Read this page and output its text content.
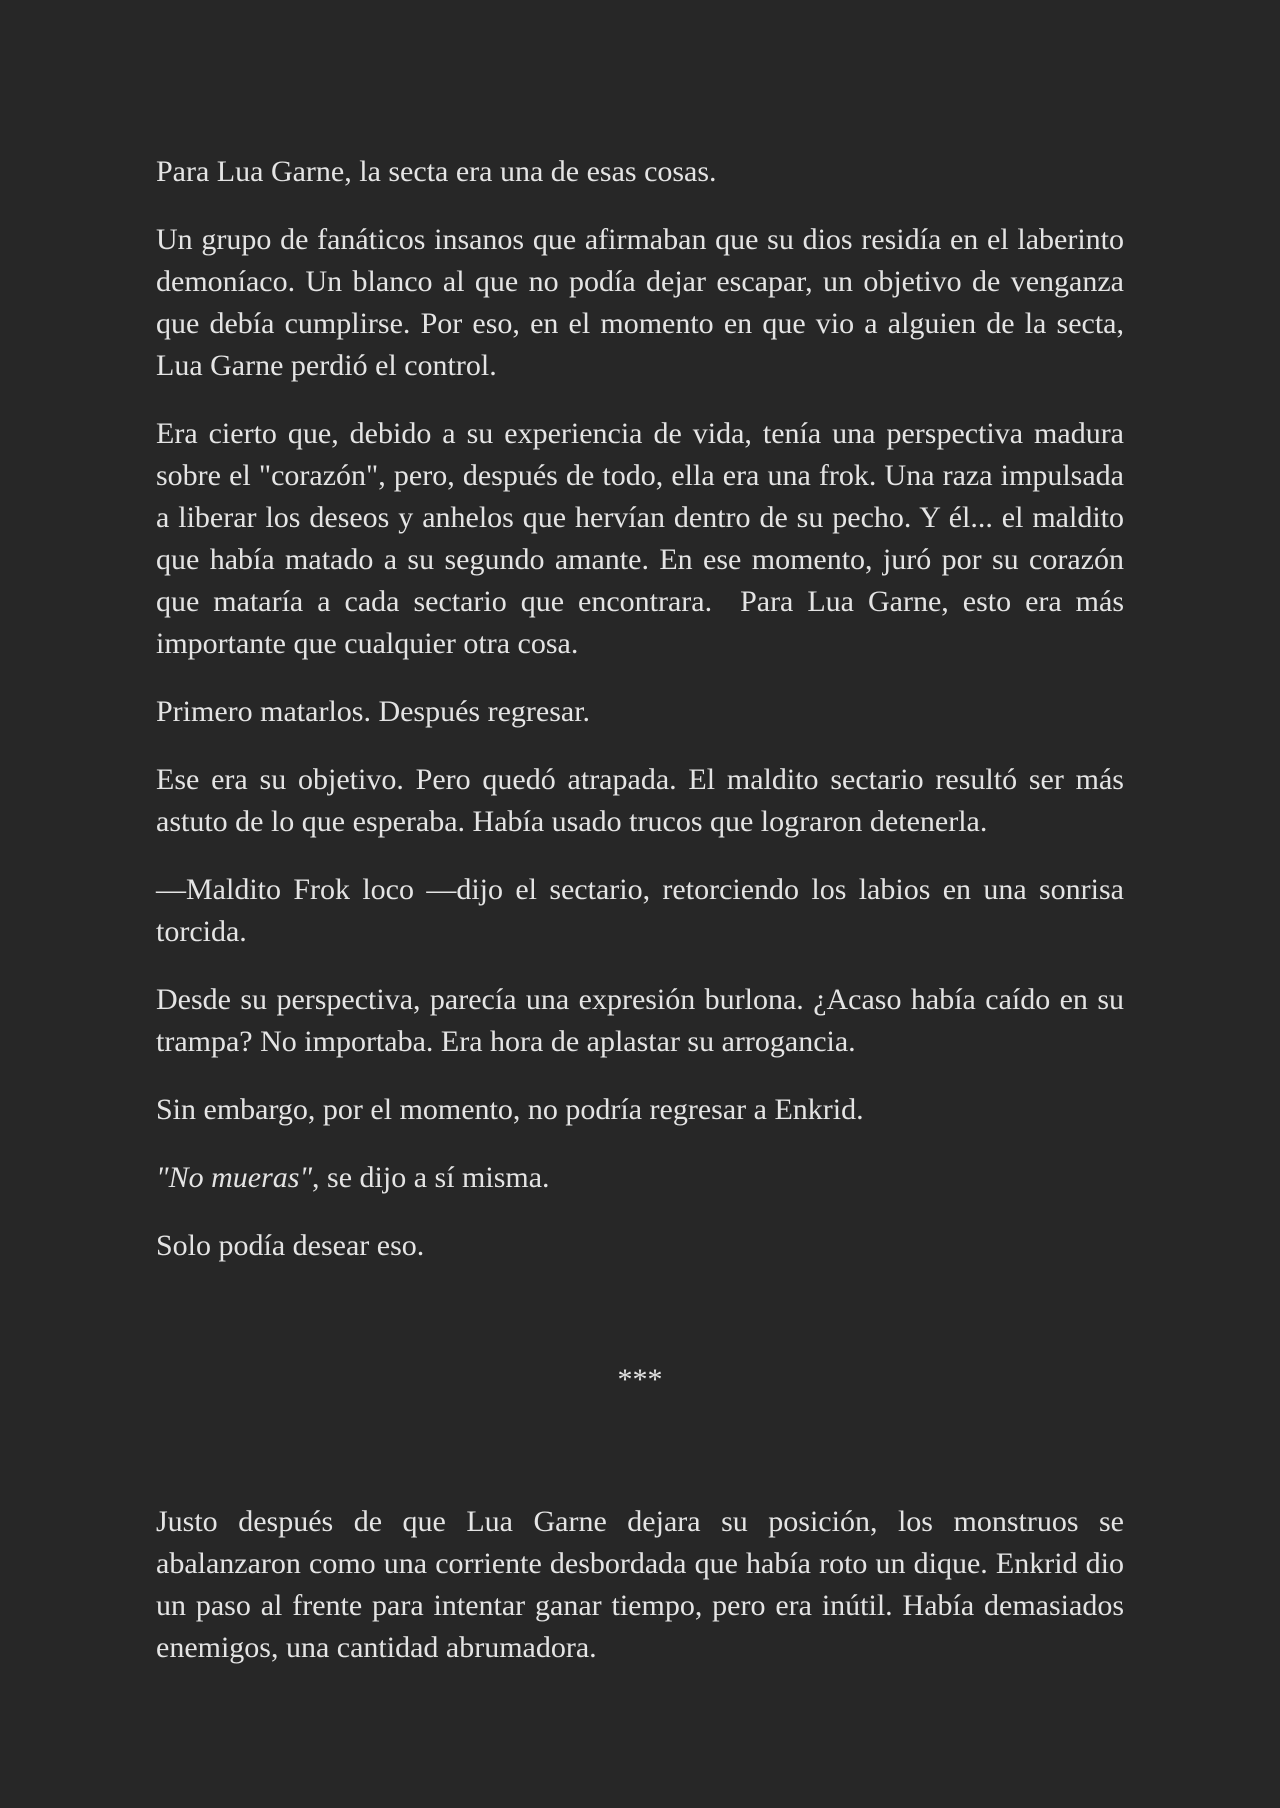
Para Lua Garne, la secta era una de esas cosas.

Un grupo de fanáticos insanos que afirmaban que su dios residía en el laberinto demoníaco. Un blanco al que no podía dejar escapar, un objetivo de venganza que debía cumplirse. Por eso, en el momento en que vio a alguien de la secta, Lua Garne perdió el control.

Era cierto que, debido a su experiencia de vida, tenía una perspectiva madura sobre el "corazón", pero, después de todo, ella era una frok. Una raza impulsada a liberar los deseos y anhelos que hervían dentro de su pecho. Y él... el maldito que había matado a su segundo amante. En ese momento, juró por su corazón que mataría a cada sectario que encontrara.  Para Lua Garne, esto era más importante que cualquier otra cosa.

Primero matarlos. Después regresar.

Ese era su objetivo. Pero quedó atrapada. El maldito sectario resultó ser más astuto de lo que esperaba. Había usado trucos que lograron detenerla.

—Maldito Frok loco —dijo el sectario, retorciendo los labios en una sonrisa torcida.

Desde su perspectiva, parecía una expresión burlona. ¿Acaso había caído en su trampa? No importaba. Era hora de aplastar su arrogancia.

Sin embargo, por el momento, no podría regresar a Enkrid.

"No mueras", se dijo a sí misma.

Solo podía desear eso.

***

Justo después de que Lua Garne dejara su posición, los monstruos se abalanzaron como una corriente desbordada que había roto un dique. Enkrid dio un paso al frente para intentar ganar tiempo, pero era inútil. Había demasiados enemigos, una cantidad abrumadora.
